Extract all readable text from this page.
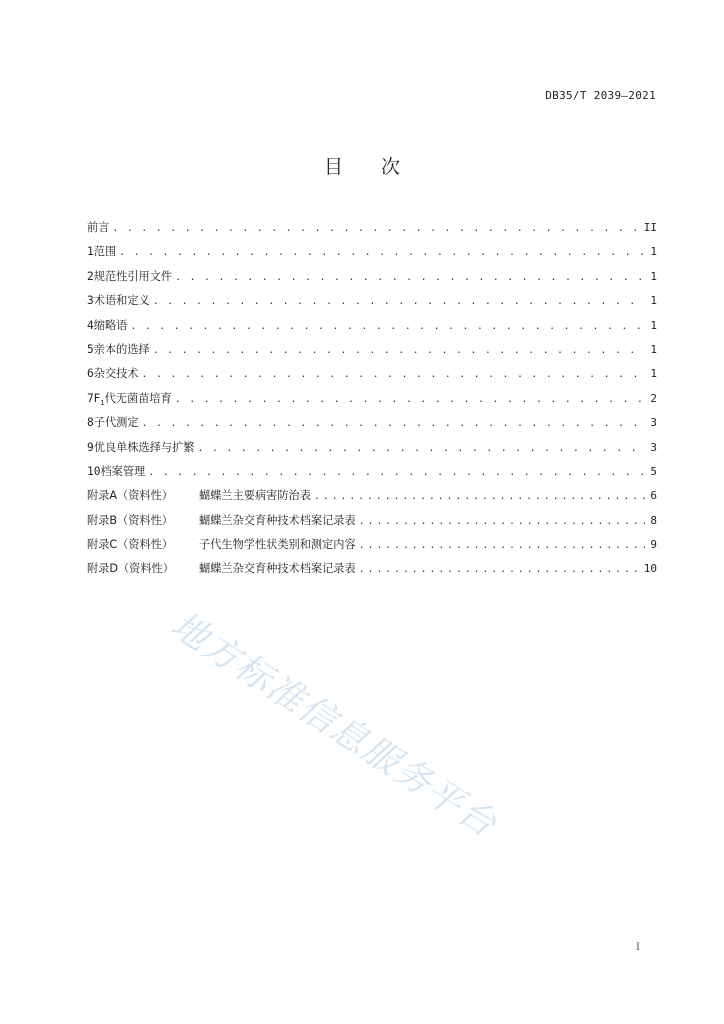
DB35/T 2039—2021
目 次
前言 . . .	II
1 范围 . . .	1
2 规范性引用文件 . . .	1
3 术语和定义 . . .	1
4 缩略语 . . .	1
5 亲本的选择 . . .	1
6 杂交技术 . . .	1
7 $F_1$代无菌苗培育 . . .	2
8 子代测定 . . .	3
9 优良单株选择与扩繁 . . .	3
10 档案管理 . . .	5
附录A（资料性）	蝴蝶兰主要病害防治表 . . .	6
附录B（资料性）	蝴蝶兰杂交育种技术档案记录表 . . .	8
附录C（资料性）	子代生物学性状类别和测定内容 . . .	9
附录D（资料性）	蝴蝶兰杂交育种技术档案记录表 . . .	10
地方标准信息服务平台
I
